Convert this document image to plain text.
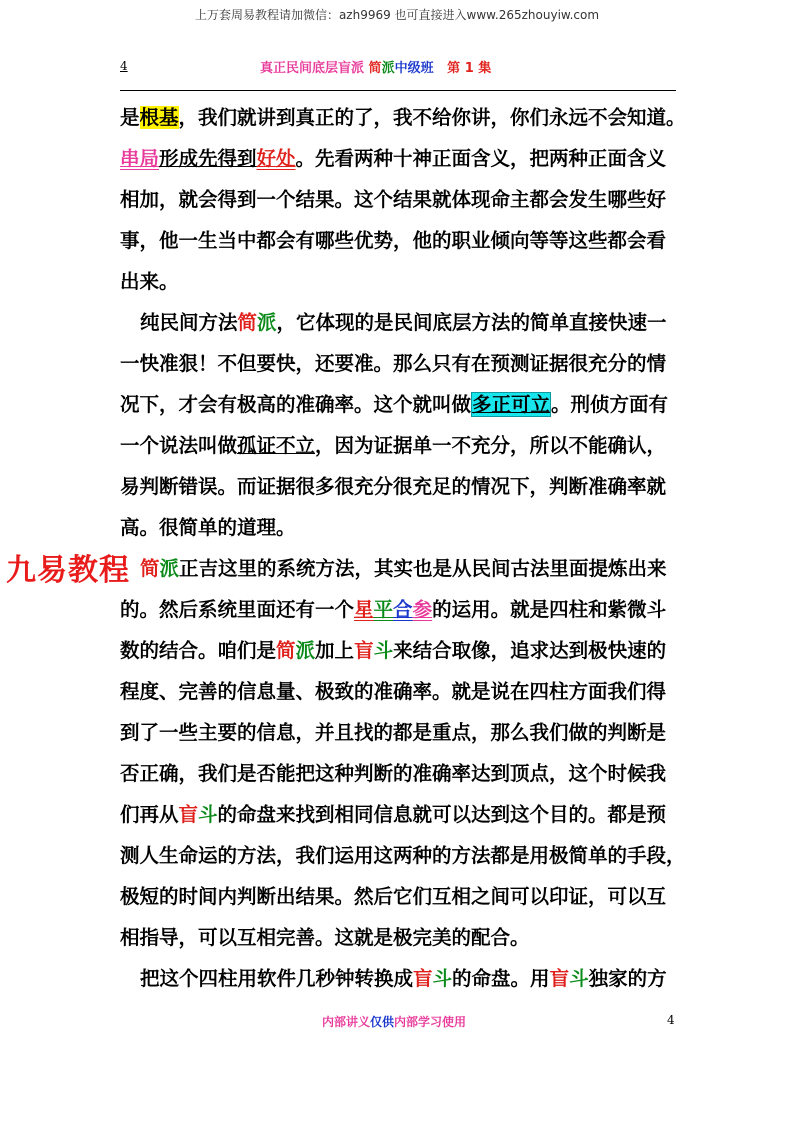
上万套周易教程请加微信：azh9969 也可直接进入www.265zhouyiw.com
4	真正民间底层盲派 简派中级班 第 1 集
是根基，我们就讲到真正的了，我不给你讲，你们永远不会知道。
串局形成先得到好处。先看两种十神正面含义，把两种正面含义
相加，就会得到一个结果。这个结果就体现命主都会发生哪些好
事，他一生当中都会有哪些优势，他的职业倾向等等这些都会看
出来。
纯民间方法简派，它体现的是民间底层方法的简单直接快速一
一快准狠！不但要快，还要准。那么只有在预测证据很充分的情
况下，才会有极高的准确率。这个就叫做多正可立。刑侦方面有
一个说法叫做孤证不立，因为证据单一不充分，所以不能确认，
易判断错误。而证据很多很充分很充足的情况下，判断准确率就
高。很简单的道理。
简派正吉这里的系统方法，其实也是从民间古法里面提炼出来
的。然后系统里面还有一个星平合参的运用。就是四柱和紫微斗
数的结合。咱们是简派加上盲斗来结合取像，追求达到极快速的
程度、完善的信息量、极致的准确率。就是说在四柱方面我们得
到了一些主要的信息，并且找的都是重点，那么我们做的判断是
否正确，我们是否能把这种判断的准确率达到顶点，这个时候我
们再从盲斗的命盘来找到相同信息就可以达到这个目的。都是预
测人生命运的方法，我们运用这两种的方法都是用极简单的手段，
极短的时间内判断出结果。然后它们互相之间可以印证，可以互
相指导，可以互相完善。这就是极完美的配合。
把这个四柱用软件几秒钟转换成盲斗的命盘。用盲斗独家的方
九易教程
内部讲义仅供内部学习使用	4
